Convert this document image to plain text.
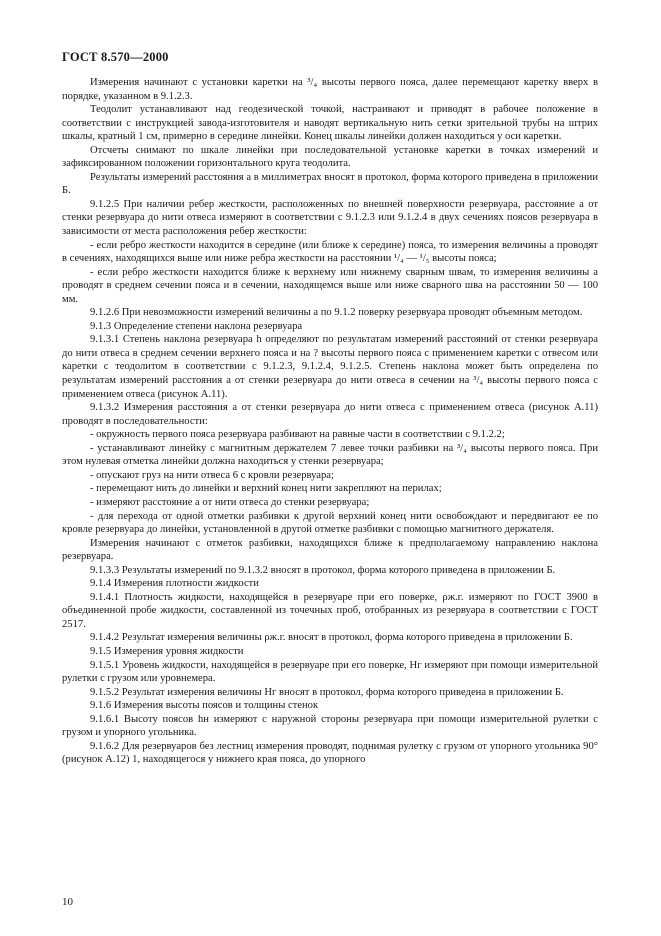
ГОСТ 8.570—2000

Измерения начинают с установки каретки на ³/₄ высоты первого пояса, далее перемещают каретку вверх в порядке, указанном в 9.1.2.3.

Теодолит устанавливают над геодезической точкой, настраивают и приводят в рабочее положение в соответствии с инструкцией завода-изготовителя и наводят вертикальную нить сетки зрительной трубы на штрих шкалы, кратный 1 см, примерно в середине линейки. Конец шкалы линейки должен находиться у оси каретки.

Отсчеты снимают по шкале линейки при последовательной установке каретки в точках измерений и зафиксированном положении горизонтального круга теодолита.

Результаты измерений расстояния a в миллиметрах вносят в протокол, форма которого приведена в приложении Б.

9.1.2.5 При наличии ребер жесткости, расположенных по внешней поверхности резервуара, расстояние a от стенки резервуара до нити отвеса измеряют в соответствии с 9.1.2.3 или 9.1.2.4 в двух сечениях поясов резервуара в зависимости от места расположения ребер жесткости:

- если ребро жесткости находится в середине (или ближе к середине) пояса, то измерения величины a проводят в сечениях, находящихся выше или ниже ребра жесткости на расстоянии ¹/₄ — ¹/₅ высоты пояса;

- если ребро жесткости находится ближе к верхнему или нижнему сварным швам, то измерения величины a проводят в среднем сечении пояса и в сечении, находящемся выше или ниже сварного шва на расстоянии 50 — 100 мм.

9.1.2.6 При невозможности измерений величины a по 9.1.2 поверку резервуара проводят объемным методом.

9.1.3 Определение степени наклона резервуара

9.1.3.1 Степень наклона резервуара h определяют по результатам измерений расстояний от стенки резервуара до нити отвеса в среднем сечении верхнего пояса и на ? высоты первого пояса с применением каретки с отвесом или каретки с теодолитом в соответствии с 9.1.2.3, 9.1.2.4, 9.1.2.5. Степень наклона может быть определена по результатам измерений расстояния a от стенки резервуара до нити отвеса в сечении на ³/₄ высоты первого пояса с применением отвеса (рисунок А.11).

9.1.3.2 Измерения расстояния a от стенки резервуара до нити отвеса с применением отвеса (рисунок А.11) проводят в последовательности:

- окружность первого пояса резервуара разбивают на равные части в соответствии с 9.1.2.2;

- устанавливают линейку с магнитным держателем 7 левее точки разбивки на ³/₄ высоты первого пояса. При этом нулевая отметка линейки должна находиться у стенки резервуара;

- опускают груз на нити отвеса 6 с кровли резервуара;

- перемещают нить до линейки и верхний конец нити закрепляют на перилах;

- измеряют расстояние a от нити отвеса до стенки резервуара;

- для перехода от одной отметки разбивки к другой верхний конец нити освобождают и передвигают ее по кровле резервуара до линейки, установленной в другой отметке разбивки с помощью магнитного держателя.

Измерения начинают с отметок разбивки, находящихся ближе к предполагаемому направлению наклона резервуара.

9.1.3.3 Результаты измерений по 9.1.3.2 вносят в протокол, форма которого приведена в приложении Б.

9.1.4 Измерения плотности жидкости

9.1.4.1 Плотность жидкости, находящейся в резервуаре при его поверке, ρж.г. измеряют по ГОСТ 3900 в объединенной пробе жидкости, составленной из точечных проб, отобранных из резервуара в соответствии с ГОСТ 2517.

9.1.4.2 Результат измерения величины ρж.г. вносят в протокол, форма которого приведена в приложении Б.

9.1.5 Измерения уровня жидкости

9.1.5.1 Уровень жидкости, находящейся в резервуаре при его поверке, Hг измеряют при помощи измерительной рулетки с грузом или уровнемера.

9.1.5.2 Результат измерения величины Hг вносят в протокол, форма которого приведена в приложении Б.

9.1.6 Измерения высоты поясов и толщины стенок

9.1.6.1 Высоту поясов hн измеряют с наружной стороны резервуара при помощи измерительной рулетки с грузом и упорного угольника.

9.1.6.2 Для резервуаров без лестниц измерения проводят, поднимая рулетку с грузом от упорного угольника 90° (рисунок А.12) 1, находящегося у нижнего края пояса, до упорного

10
